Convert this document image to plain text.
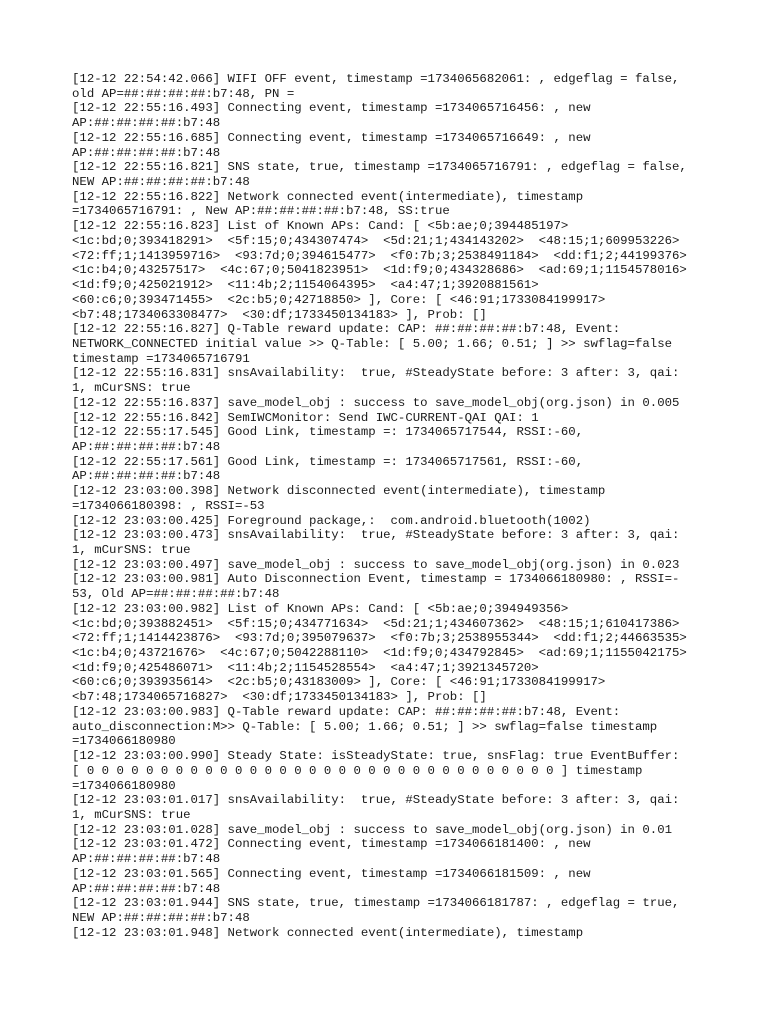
[12-12 22:54:42.066] WIFI OFF event, timestamp =1734065682061: , edgeflag = false,
old AP=##:##:##:##:b7:48, PN =
[12-12 22:55:16.493] Connecting event, timestamp =1734065716456: , new
AP:##:##:##:##:b7:48
[12-12 22:55:16.685] Connecting event, timestamp =1734065716649: , new
AP:##:##:##:##:b7:48
[12-12 22:55:16.821] SNS state, true, timestamp =1734065716791: , edgeflag = false,
NEW AP:##:##:##:##:b7:48
[12-12 22:55:16.822] Network connected event(intermediate), timestamp
=1734065716791: , New AP:##:##:##:##:b7:48, SS:true
[12-12 22:55:16.823] List of Known APs: Cand: [ <5b:ae;0;394485197>
<1c:bd;0;393418291>  <5f:15;0;434307474>  <5d:21;1;434143202>  <48:15;1;609953226>
<72:ff;1;1413959716>  <93:7d;0;394615477>  <f0:7b;3;2538491184>  <dd:f1;2;44199376>
<1c:b4;0;43257517>  <4c:67;0;5041823951>  <1d:f9;0;434328686>  <ad:69;1;1154578016>
<1d:f9;0;425021912>  <11:4b;2;1154064395>  <a4:47;1;3920881561>
<60:c6;0;393471455>  <2c:b5;0;42718850> ], Core: [ <46:91;1733084199917>
<b7:48;1734063308477>  <30:df;1733450134183> ], Prob: []
[12-12 22:55:16.827] Q-Table reward update: CAP: ##:##:##:##:b7:48, Event:
NETWORK_CONNECTED initial value >> Q-Table: [ 5.00; 1.66; 0.51; ] >> swflag=false
timestamp =1734065716791
[12-12 22:55:16.831] snsAvailability:  true, #SteadyState before: 3 after: 3, qai:
1, mCurSNS: true
[12-12 22:55:16.837] save_model_obj : success to save_model_obj(org.json) in 0.005
[12-12 22:55:16.842] SemIWCMonitor: Send IWC-CURRENT-QAI QAI: 1
[12-12 22:55:17.545] Good Link, timestamp =: 1734065717544, RSSI:-60,
AP:##:##:##:##:b7:48
[12-12 22:55:17.561] Good Link, timestamp =: 1734065717561, RSSI:-60,
AP:##:##:##:##:b7:48
[12-12 23:03:00.398] Network disconnected event(intermediate), timestamp
=1734066180398: , RSSI=-53
[12-12 23:03:00.425] Foreground package,:  com.android.bluetooth(1002)
[12-12 23:03:00.473] snsAvailability:  true, #SteadyState before: 3 after: 3, qai:
1, mCurSNS: true
[12-12 23:03:00.497] save_model_obj : success to save_model_obj(org.json) in 0.023
[12-12 23:03:00.981] Auto Disconnection Event, timestamp = 1734066180980: , RSSI=-
53, Old AP=##:##:##:##:b7:48
[12-12 23:03:00.982] List of Known APs: Cand: [ <5b:ae;0;394949356>
<1c:bd;0;393882451>  <5f:15;0;434771634>  <5d:21;1;434607362>  <48:15;1;610417386>
<72:ff;1;1414423876>  <93:7d;0;395079637>  <f0:7b;3;2538955344>  <dd:f1;2;44663535>
<1c:b4;0;43721676>  <4c:67;0;5042288110>  <1d:f9;0;434792845>  <ad:69;1;1155042175>
<1d:f9;0;425486071>  <11:4b;2;1154528554>  <a4:47;1;3921345720>
<60:c6;0;393935614>  <2c:b5;0;43183009> ], Core: [ <46:91;1733084199917>
<b7:48;1734065716827>  <30:df;1733450134183> ], Prob: []
[12-12 23:03:00.983] Q-Table reward update: CAP: ##:##:##:##:b7:48, Event:
auto_disconnection:M>> Q-Table: [ 5.00; 1.66; 0.51; ] >> swflag=false timestamp
=1734066180980
[12-12 23:03:00.990] Steady State: isSteadyState: true, snsFlag: true EventBuffer:
[ 0 0 0 0 0 0 0 0 0 0 0 0 0 0 0 0 0 0 0 0 0 0 0 0 0 0 0 0 0 0 0 0 ] timestamp
=1734066180980
[12-12 23:03:01.017] snsAvailability:  true, #SteadyState before: 3 after: 3, qai:
1, mCurSNS: true
[12-12 23:03:01.028] save_model_obj : success to save_model_obj(org.json) in 0.01
[12-12 23:03:01.472] Connecting event, timestamp =1734066181400: , new
AP:##:##:##:##:b7:48
[12-12 23:03:01.565] Connecting event, timestamp =1734066181509: , new
AP:##:##:##:##:b7:48
[12-12 23:03:01.944] SNS state, true, timestamp =1734066181787: , edgeflag = true,
NEW AP:##:##:##:##:b7:48
[12-12 23:03:01.948] Network connected event(intermediate), timestamp
